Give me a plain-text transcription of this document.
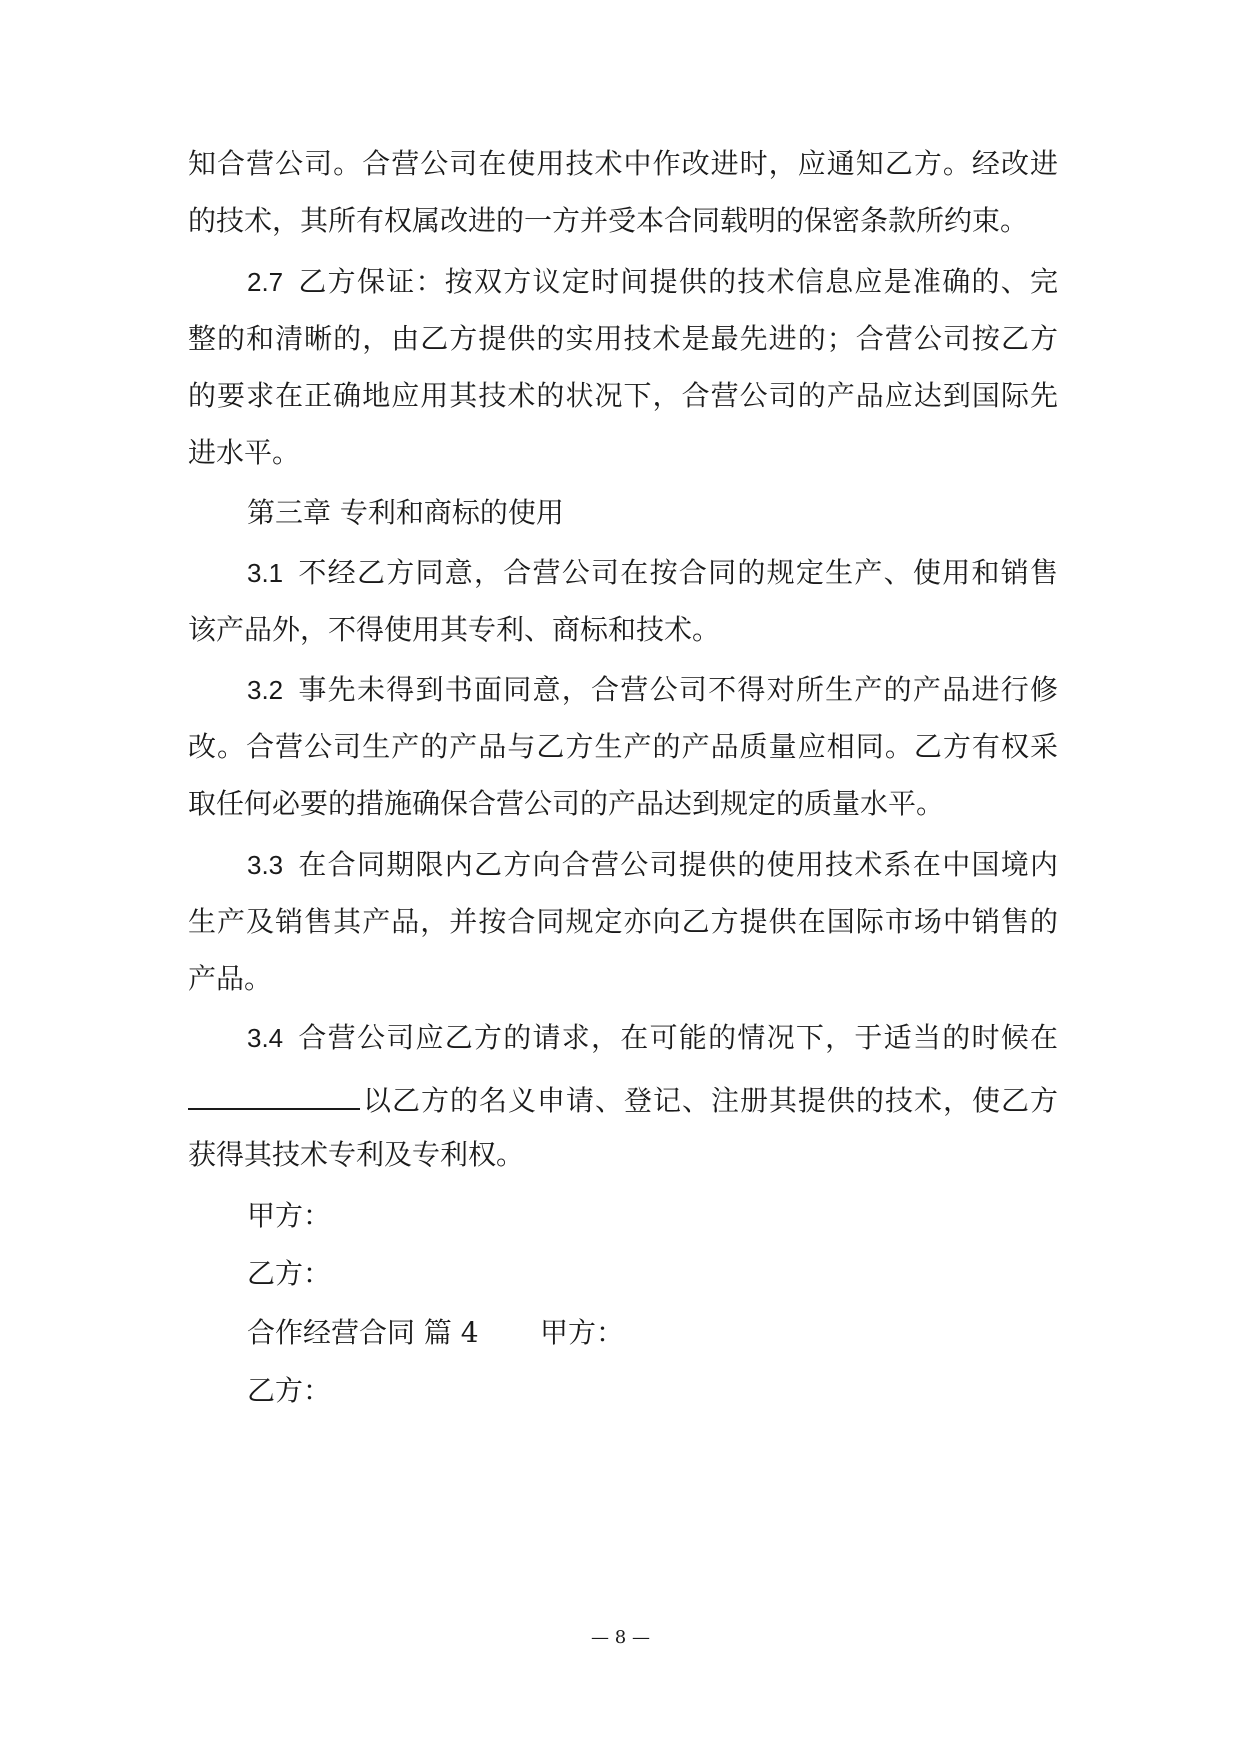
知合营公司。合营公司在使用技术中作改进时，应通知乙方。经改进
的技术，其所有权属改进的一方并受本合同载明的保密条款所约束。
2.7 乙方保证：按双方议定时间提供的技术信息应是准确的、完
整的和清晰的，由乙方提供的实用技术是最先进的；合营公司按乙方
的要求在正确地应用其技术的状况下，合营公司的产品应达到国际先
进水平。
第三章 专利和商标的使用
3.1 不经乙方同意，合营公司在按合同的规定生产、使用和销售
该产品外，不得使用其专利、商标和技术。
3.2 事先未得到书面同意，合营公司不得对所生产的产品进行修
改。合营公司生产的产品与乙方生产的产品质量应相同。乙方有权采
取任何必要的措施确保合营公司的产品达到规定的质量水平。
3.3 在合同期限内乙方向合营公司提供的使用技术系在中国境内
生产及销售其产品，并按合同规定亦向乙方提供在国际市场中销售的
产品。
3.4 合营公司应乙方的请求，在可能的情况下，于适当的时候在
以乙方的名义申请、登记、注册其提供的技术，使乙方
获得其技术专利及专利权。
甲方：
乙方：
合作经营合同 篇 4 甲方：
乙方：
— 8 —
